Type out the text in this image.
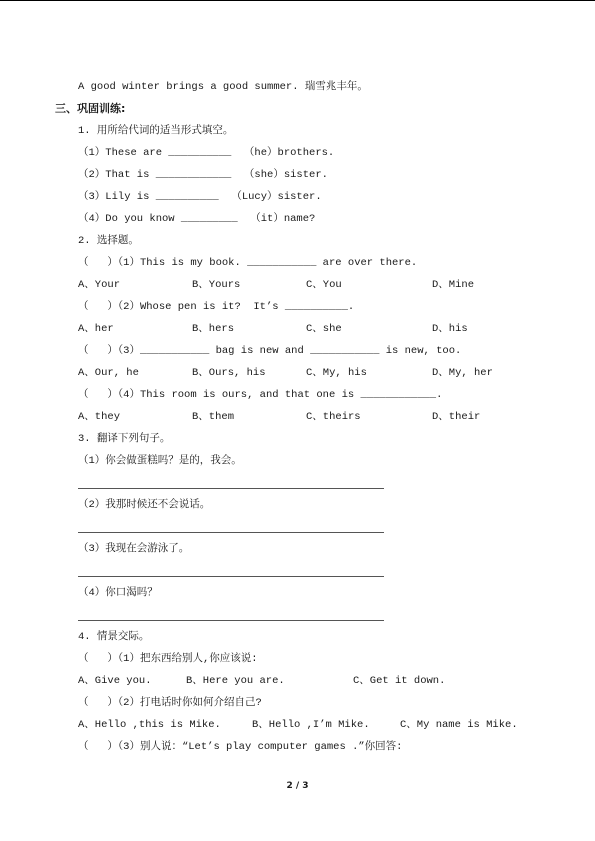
A good winter brings a good summer. 瑞雪兆丰年。
三、巩固训练:
1. 用所给代词的适当形式填空。
（1）These are __________  （he）brothers.
（2）That is ____________  （she）sister.
（3）Lily is __________  （Lucy）sister.
（4）Do you know _________  （it）name?
2. 选择题。
（   ）（1）This is my book. ___________ are over there.
A、Your	B、Yours	C、You	D、Mine
（   ）（2）Whose pen is it?  It’s __________.
A、her	B、hers	C、she	D、his
（   ）（3）___________ bag is new and ___________ is new, too.
A、Our, he	B、Ours, his	C、My, his	D、My, her
（   ）（4）This room is ours, and that one is ____________.
A、they	B、them	C、theirs	D、their
3. 翻译下列句子。
（1）你会做蛋糕吗？是的，我会。
（2）我那时候还不会说话。
（3）我现在会游泳了。
（4）你口渴吗？
4. 情景交际。
（   ）（1）把东西给别人,你应该说:
A、Give you.	B、Here you are.	C、Get it down.
（   ）（2）打电话时你如何介绍自己?
A、Hello ,this is Mike.	B、Hello ,I’m Mike.	C、My name is Mike.
（   ）（3）别人说：“Let’s play computer games .”你回答:
2 / 3
